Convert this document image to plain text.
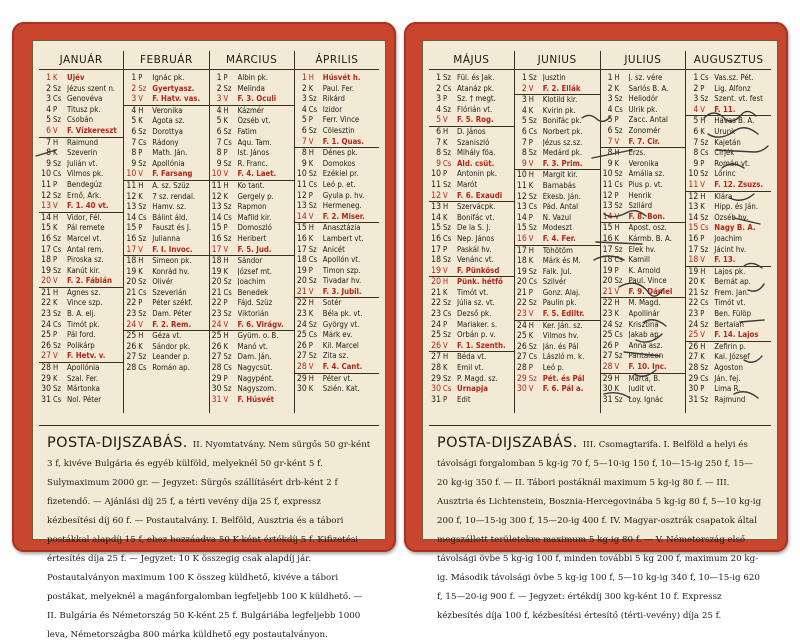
JANUÁR
1 K	Ujév
2 Sz Jézus szent n.
3 Cs Genovéva
4 P	Titusz pk.
5 Sz Csobán
6 V	F. Vízkereszt
7 H	Raimund
8 K	Szeverin
9 Sz Julián vt.
10 Cs Vilmos pk.
11 P	Bendegúz
12 Sz Ernő, Árk.
13 V	F. 1. 40 vt.
14 H	Vidor, Fél.
15 K	Pál remete
16 Sz Marcel vt.
17 Cs Antal rem.
18 P	Piroska sz.
19 Sz Kanút kir.
20 V	F. 2. Fábián
21 H	Ágnes sz.
22 K	Vince szp.
23 Sz B. A. elj.
24 Cs Timót pk.
25 P	Pál ford.
26 Sz Polikárp
27 V	F. Hetv. v.
28 H	Apollónia
29 K	Szal. Fer.
30 Sz Mártonka
31 Cs Nol. Péter
FEBRUÁR
1 P	Ignác pk.
2 Sz Gyertyasz.
3 V	F. Hatv. vas.
4 H	Veronika
5 K	Ágota sz.
6 Sz Dorottya
7 Cs Rádony
8 P	Math. Ján.
9 Sz Apollónia
10 V	F. Farsang
11 H	A. sz. Szüz
12 K	7 sz. rendal.
13 Sz Hamv. sz.
14 Cs Bálint áld.
15 P	Fauszt és J.
16 Sz Julianna
17 V	F. I. Invoc.
18 H	Simeon pk.
19 K	Konrád hv.
20 Sz Olivér
21 Cs Szeverián
22 P	Péter székf.
23 Sz Dam. Péter
24 V	F. 2. Rem.
25 H	Géza vt.
26 K	Sándor pk.
27 Sz Leander p.
28 Cs Román ap.
MÁRCIUS
1 P	Albin pk.
2 Sz Melinda
3 V	F. 3. Oculi
4 H	Kázmér
5 K	Özséb vt.
6 Sz Fatim
7 Cs Aqu. Tam.
8 P	Ist. János
9 Sz R. Franc.
10 V	F. 4. Laet.
11 H	Ko tant.
12 K	Gergely p.
13 Sz Rapmon
14 Cs Mafild kir.
15 P	Domoszló
16 Sz Heribert
17 V	F. 5. Jud.
18 H	Sándor
19 K	József mt.
20 Sz Joachim
21 Cs Benedek
22 P	Fájd. Szüz
23 Sz Viktorián
24 V	F. 6. Virágv.
25 H	Gyüm. o. B.
26 K	Manó vt.
27 Sz Dam. Ján.
28 Cs Nagycsüt.
29 P	Nagypént.
30 Sz Nagyszom.
31 V	F. Húsvét
ÁPRILIS
1 H	Húsvét h.
2 K	Paul. Fer.
3 Sz Rikárd
4 Cs Izidor
5 P	Ferr. Vince
6 Sz Cölesztin
7 V	F. 1. Quas.
8 H	Dénes pk.
9 K	Domokos
10 Sz Ezékiel pr.
11 Cs Leó p. et.
12 P	Gyula p. hv.
13 Sz Hermeneg.
14 V	F. 2. Miser.
15 H	Anasztázia
16 K	Lambert vt.
17 Sz Anicét
18 Cs Apollón vt.
19 P	Timon szp.
20 Sz Tivadar hv.
21 V	F. 3. Jubil.
22 H	Sotér
23 K	Béla pk. vt.
24 Sz György vt.
25 Cs Márk ev.
26 P	Kil. Marcel
27 Sz Zita sz.
28 V	F. 4. Cant.
29 H	Péter vt.
30 K	Szién. Kat.
POSTA-DIJSZABÁS. II. Nyomtatvány. Nem sürgős 50 gr-ként 3 f, kivéve Bulgária és egyéb külföld, melyeknél 50 gr-ként 5 f. Sulymaximum 2000 gr. — Jegyzet: Sürgős szállításért drb-ként 2 f fizetendő. — Ajánlási díj 25 f, a térti vevény díja 25 f, expressz kézbesítési díj 60 f. — Postautalvány. I. Belföld, Ausztria és a tábori postákkal alapdíj 15 f, ehez hozzáadva 50 K-ként értékdíj 5 f. Kifizetési értesítés díja 25 f. — Jegyzet: 10 K összegig csak alapdíj jár. Postautalványon maximum 100 K összeg küldhető, kivéve a tábori postákat, melyeknél a magánforgalomban legfeljebb 100 K küldhető. — II. Bulgária és Németország 50 K-ként 25 f. Bulgáriába legfeljebb 1000 leva, Németországba 800 márka küldhető egy postautalványon.
MÁJUS
1 Sz Fül. és Jak.
2 Cs Atanáz pk.
3 P	Sz. † megt.
4 Sz Flórián vt.
5 V	F. 5. Rog.
6 H	D. János
7 K	Szaniszló
8 Sz Mihály föa.
9 Cs Áld. csüt.
10 P	Antonin pk.
11 Sz Marót
12 V	F. 6. Exaudi
13 H	Szervácpk.
14 K	Bonifác vt.
15 Sz De la S. J.
16 Cs Nep. János
17 P	Paskál hv.
18 Sz Venánc vt.
19 V	F. Pünkösd
20 H	Pünk. hétfő
21 K	Timót vt.
22 Sz Júlia sz. vt.
23 Cs Dezső pk.
24 P	Mariaker. s.
25 Sz Orbán p. v.
26 V	F. 1. Szenth.
27 H	Béda vt.
28 K	Emil vt.
29 Sz P. Magd. sz.
30 Cs Úrnapja
31 P	Edit
JUNIUS
1 Sz Jusztin
2 V	F. 2. Ellák
3 H	Klotild kir.
4 K	Kvirin pk.
5 Sz Bonifác pk.
6 Cs Norbert pk.
7 P	Jézus sz.sz.
8 Sz Medárd pk.
9 V	F. 3. Prim.
10 H	Margit kir.
11 K	Barnabás
12 Sz Ékesb. Ján.
13 Cs Pád. Antal
14 P	N. Vazul
15 Sz Modeszt
16 V	F. 4. Fer.
17 H	Töhötöm
18 K	Márk és M.
19 Sz Falk. Jul.
20 Cs Szilvér
21 P	Gonz. Alaj.
22 Sz Paulin pk.
23 V	F. 5. Ediltr.
24 H	Ker. Ján. sz.
25 K	Vilmos hv.
26 Sz Ján. és Pál
27 Cs László m. k.
28 P	Leó p.
29 Sz Pét. és Pál
30 V	F. 6. Pál a.
JULIUS
1 H	J. sz. vére
2 K	Sarlós B. A.
3 Sz Heliodór
4 Cs Ulrik pk.
5 P	Zacc. Antal
6 Sz Zonomér
7 V	F. 7. Cir.
8 H	Erzs.
9 K	Veronika
10 Sz Amália sz.
11 Cs Pius p. vt.
12 P	Henrik
13 Sz Szilárd
14 V	F. 8. Bon.
15 H	Apost. osz.
16 K	Kármb. B. A.
17 Sz Elek hv.
18 Cs Kamill
19 P	K. Arnold
20 Sz Paul. Vince
21 V	F. 9. Dániel
22 H	M. Magd.
23 K	Apollinár
24 Sz Krisztina
25 Cs Jakab ap.
26 P	Anna asz.
27 Sz Pantaleon
28 V	F. 10. Inc.
29 H	Márta, B.
30 K	Judit vt.
31 Sz Loy. Ignác
AUGUSZTUS
1 Cs Vas.sz. Pét.
2 P	Lig. Alfonz
3 Sz Szent. vt. fest
4 V	F. 11.
5 H	Havas B. A.
6 K	Urunk
7 Sz Kajetán
8 Cs Cirjék
9 P	Román vt.
10 Sz Lőrinc
11 V	F. 12. Zsuzs.
12 H	Klára
13 K	Hipp. és Ján.
14 Sz Özséb hv.
15 Cs Nagy B. A.
16 P	Joachim
17 Sz Jácint hv.
18 V	F. 13.
19 H	Lajos pk.
20 K	Bernát ap.
21 Sz Frem. Jan.
22 Cs Timót vt.
23 P	Ben. Fülöp
24 Sz Bertalan
25 V	F. 14. Lajos
26 H	Zefirin p.
27 K	Kal. József
28 Sz Ágoston
29 Cs Ján. fej.
30 P	Lima R.
31 Sz Rajmund
POSTA-DIJSZABÁS. III. Csomagtarifa. I. Belföld a helyi és távolsági forgalomban 5 kg-ig 70 f, 5—10-ig 150 f, 10—15-ig 250 f, 15—20 kg-ig 350 f. — II. Tábori postáknál maximum 5 kg-ig 80 f. — III. Ausztria és Lichtenstein, Bosznia-Hercegovinába 5 kg-ig 80 f, 5—10 kg-ig 200 f, 10—15-ig 300 f, 15—20-ig 400 f. IV. Magyar-osztrák csapatok által megszállott területekre maximum 5 kg-ig 80 f. — V. Németország első távolsági övbe 5 kg-ig 100 f, minden további 5 kg 200 f, maximum 20 kg-ig. Második távolsági övbe 5 kg-ig 100 f, 5—10 kg-ig 340 f, 10—15-ig 620 f, 15—20-ig 900 f. — Jegyzet: értékdíj 300 kg-ként 10 f. Expressz kézbesítés díja 100 f, kézbesítési értesítő (térti-vevény) díja 25 f.
